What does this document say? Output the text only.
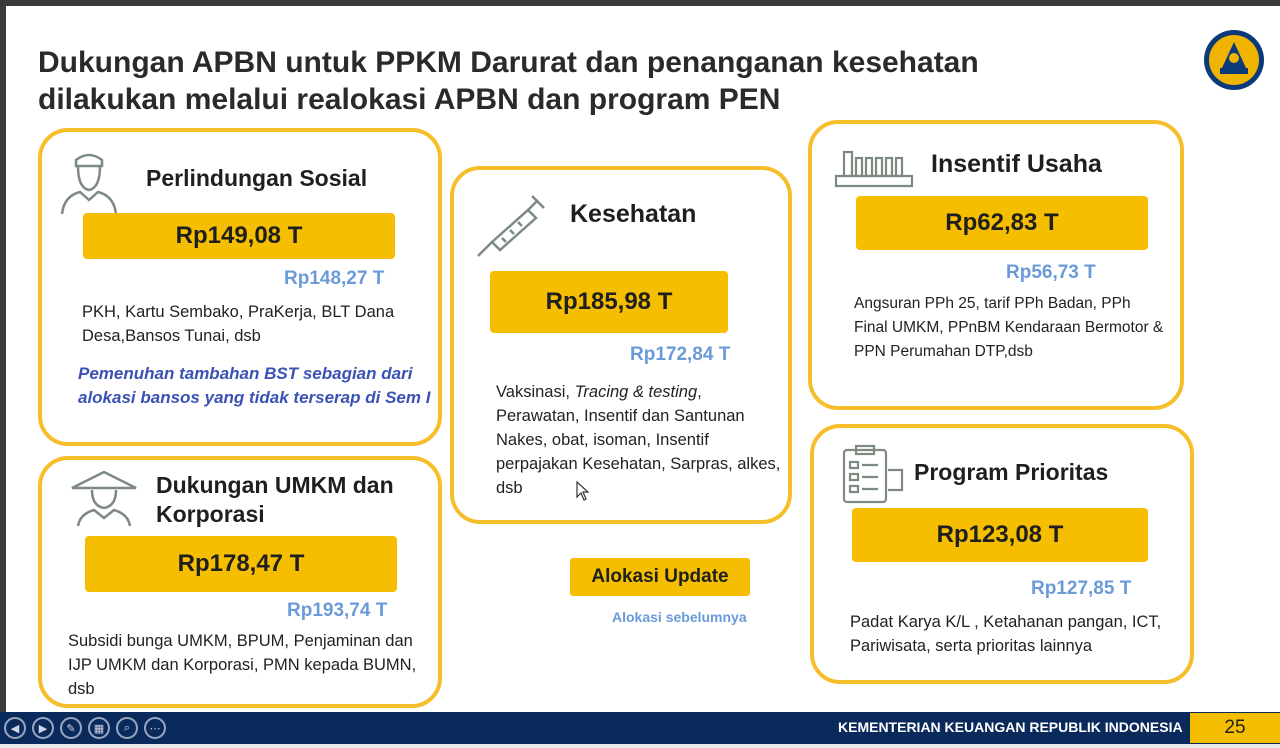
Dukungan APBN untuk PPKM Darurat dan penanganan kesehatan
dilakukan melalui realokasi APBN dan program PEN
Perlindungan Sosial
Rp149,08 T
Rp148,27 T
PKH, Kartu Sembako, PraKerja, BLT Dana Desa,Bansos Tunai, dsb
Pemenuhan tambahan BST sebagian dari alokasi bansos yang tidak terserap di Sem I
Dukungan UMKM dan
Korporasi
Rp178,47 T
Rp193,74 T
Subsidi bunga UMKM, BPUM, Penjaminan dan IJP UMKM dan Korporasi, PMN kepada BUMN, dsb
Kesehatan
Rp185,98 T
Rp172,84 T
Vaksinasi, Tracing & testing, Perawatan, Insentif dan Santunan Nakes, obat, isoman, Insentif perpajakan Kesehatan, Sarpras, alkes, dsb
Alokasi Update
Alokasi sebelumnya
Insentif Usaha
Rp62,83 T
Rp56,73 T
Angsuran PPh 25, tarif PPh Badan, PPh Final UMKM, PPnBM Kendaraan Bermotor & PPN Perumahan DTP,dsb
Program Prioritas
Rp123,08 T
Rp127,85 T
Padat Karya K/L , Ketahanan pangan, ICT, Pariwisata, serta prioritas lainnya
◀	▶	✎	▦	⌕	⋯	KEMENTERIAN KEUANGAN REPUBLIK INDONESIA	25
